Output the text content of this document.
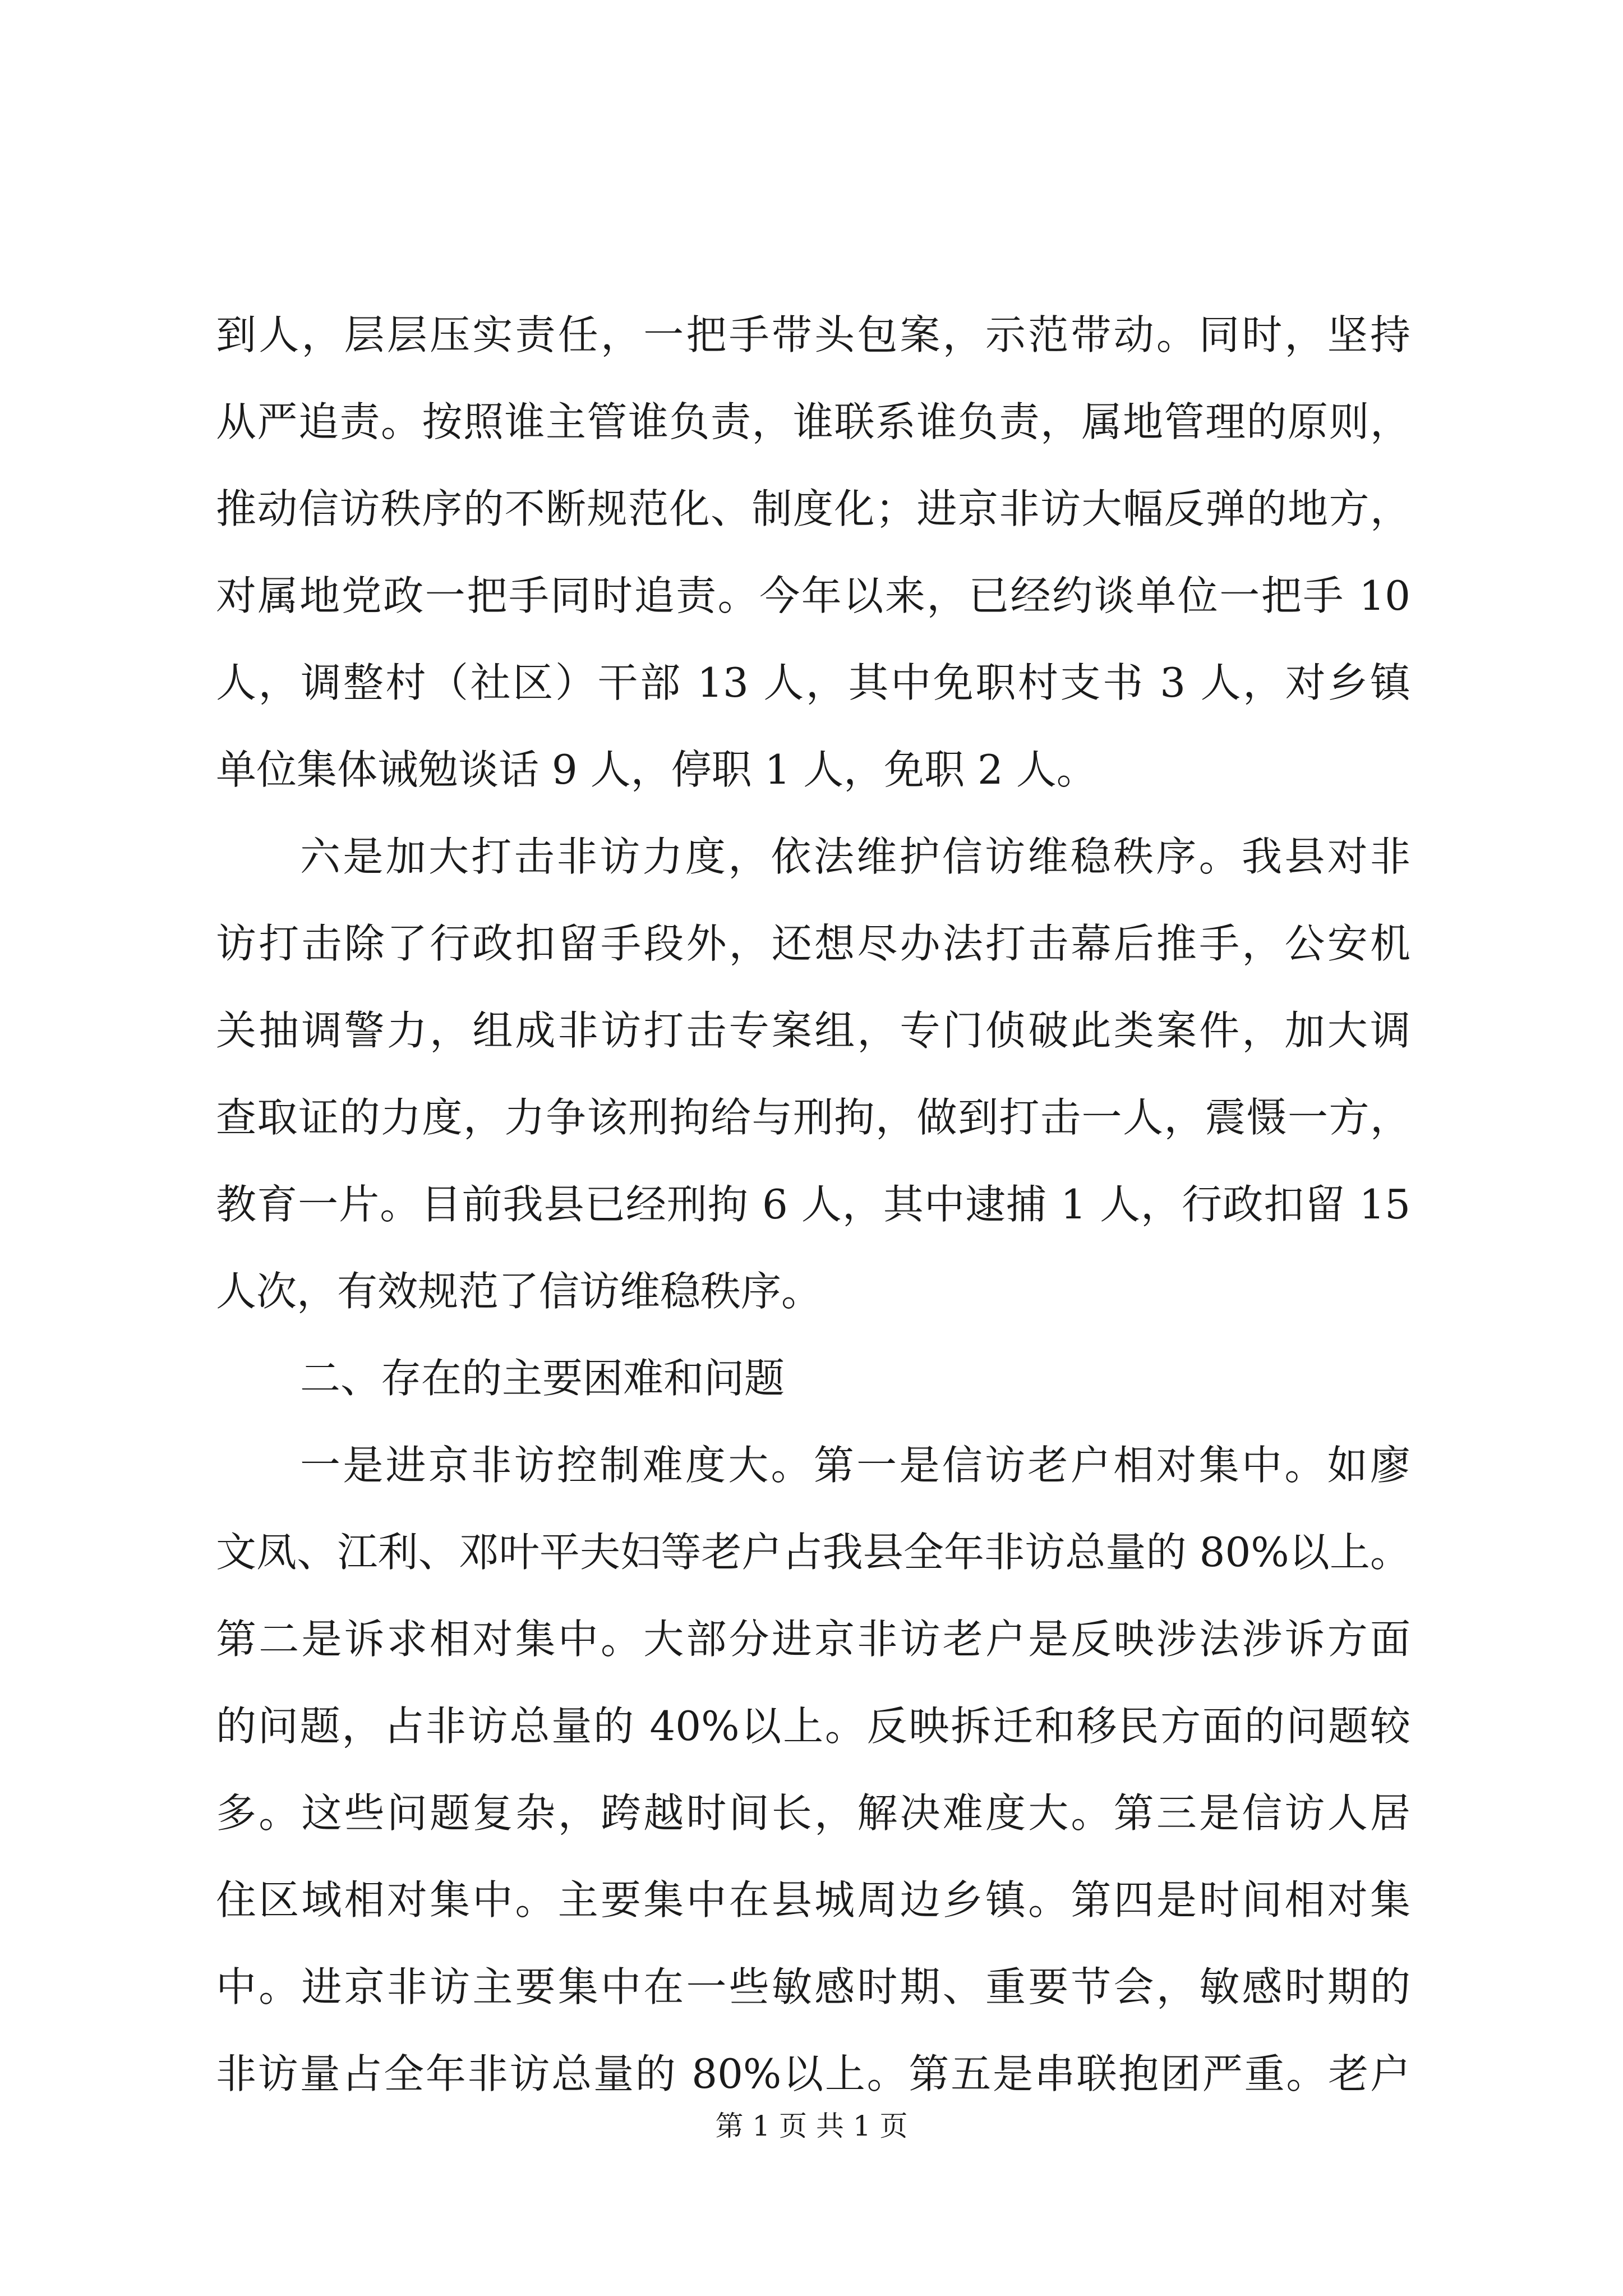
到人，层层压实责任，一把手带头包案，示范带动。同时，坚持
从严追责。按照谁主管谁负责，谁联系谁负责，属地管理的原则，
推动信访秩序的不断规范化、制度化；进京非访大幅反弹的地方，
对属地党政一把手同时追责。今年以来，已经约谈单位一把手 10
人，调整村（社区）干部 13 人，其中免职村支书 3 人，对乡镇
单位集体诫勉谈话 9 人，停职 1 人，免职 2 人。
六是加大打击非访力度，依法维护信访维稳秩序。我县对非
访打击除了行政扣留手段外，还想尽办法打击幕后推手，公安机
关抽调警力，组成非访打击专案组，专门侦破此类案件，加大调
查取证的力度，力争该刑拘给与刑拘，做到打击一人，震慑一方，
教育一片。目前我县已经刑拘 6 人，其中逮捕 1 人，行政扣留 15
人次，有效规范了信访维稳秩序。
二、存在的主要困难和问题
一是进京非访控制难度大。第一是信访老户相对集中。如廖
文凤、江利、邓叶平夫妇等老户占我县全年非访总量的 80%以上。
第二是诉求相对集中。大部分进京非访老户是反映涉法涉诉方面
的问题，占非访总量的 40%以上。反映拆迁和移民方面的问题较
多。这些问题复杂，跨越时间长，解决难度大。第三是信访人居
住区域相对集中。主要集中在县城周边乡镇。第四是时间相对集
中。进京非访主要集中在一些敏感时期、重要节会，敏感时期的
非访量占全年非访总量的 80%以上。第五是串联抱团严重。老户
第 1 页 共 1 页
